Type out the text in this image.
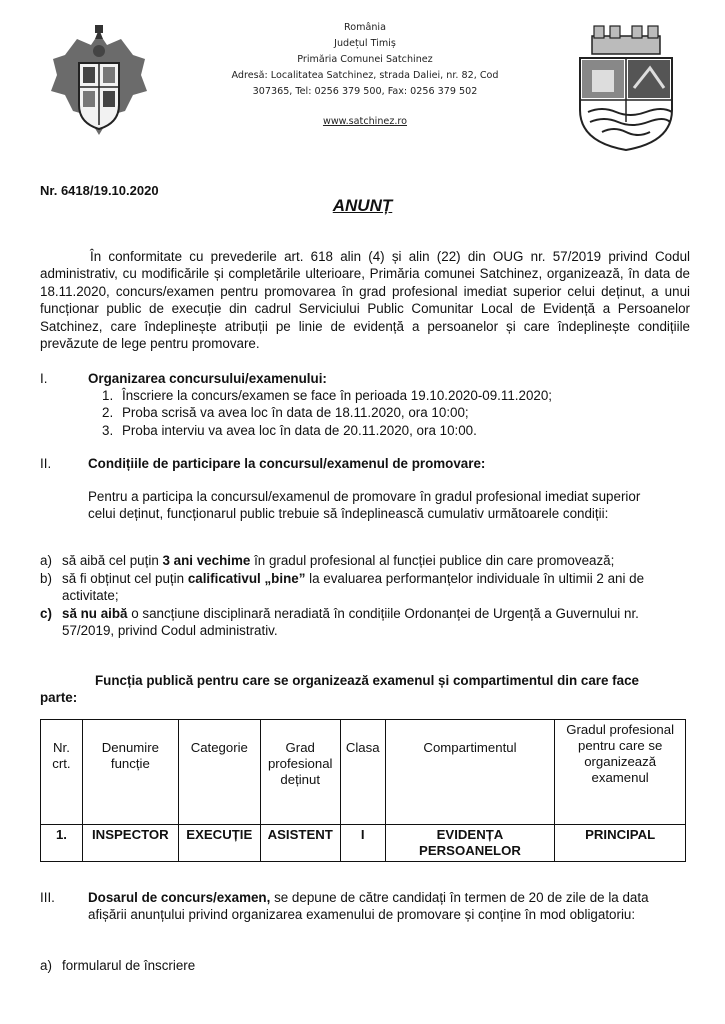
România
Județul Timiș
Primăria Comunei Satchinez
Adresă: Localitatea Satchinez, strada Daliei, nr. 82, Cod
307365, Tel: 0256 379 500, Fax: 0256 379 502
www.satchinez.ro
Nr. 6418/19.10.2020
ANUNȚ
În conformitate cu prevederile art. 618 alin (4) și alin (22) din OUG nr. 57/2019 privind Codul administrativ, cu modificările și completările ulterioare, Primăria comunei Satchinez, organizează, în data de 18.11.2020, concurs/examen pentru promovarea în grad profesional imediat superior celui deținut, a unui funcționar public de execuție din cadrul Serviciului Public Comunitar Local de Evidență a Persoanelor Satchinez, care îndeplinește atribuții pe linie de evidență a persoanelor și care îndeplinește condițiile prevăzute de lege pentru promovare.
I.	Organizarea concursului/examenului:
1. Înscriere la concurs/examen se face în perioada 19.10.2020-09.11.2020;
2. Proba scrisă va avea loc în data de 18.11.2020, ora 10:00;
3. Proba interviu va avea loc în data de 20.11.2020, ora 10:00.
II.	Condițiile de participare la concursul/examenul de promovare:
Pentru a participa la concursul/examenul de promovare în gradul profesional imediat superior celui deținut, funcționarul public trebuie să îndeplinească cumulativ următoarele condiții:
a) să aibă cel puțin 3 ani vechime în gradul profesional al funcției publice din care promovează;
b) să fi obținut cel puțin calificativul „bine” la evaluarea performanțelor individuale în ultimii 2 ani de activitate;
c) să nu aibă o sancțiune disciplinară neradiată în condițiile Ordonanței de Urgență a Guvernului nr. 57/2019, privind Codul administrativ.
Funcția publică pentru care se organizează examenul și compartimentul din care face parte:
Nr. crt.	Denumire funcție	Categorie	Grad profesional deținut	Clasa	Compartimentul	Gradul profesional pentru care se organizează examenul
1.	INSPECTOR	EXECUȚIE	ASISTENT	I	EVIDENȚA PERSOANELOR	PRINCIPAL
III. Dosarul de concurs/examen, se depune de către candidați în termen de 20 de zile de la data afișării anunțului privind organizarea examenului de promovare și conține în mod obligatoriu:
a) formularul de înscriere
